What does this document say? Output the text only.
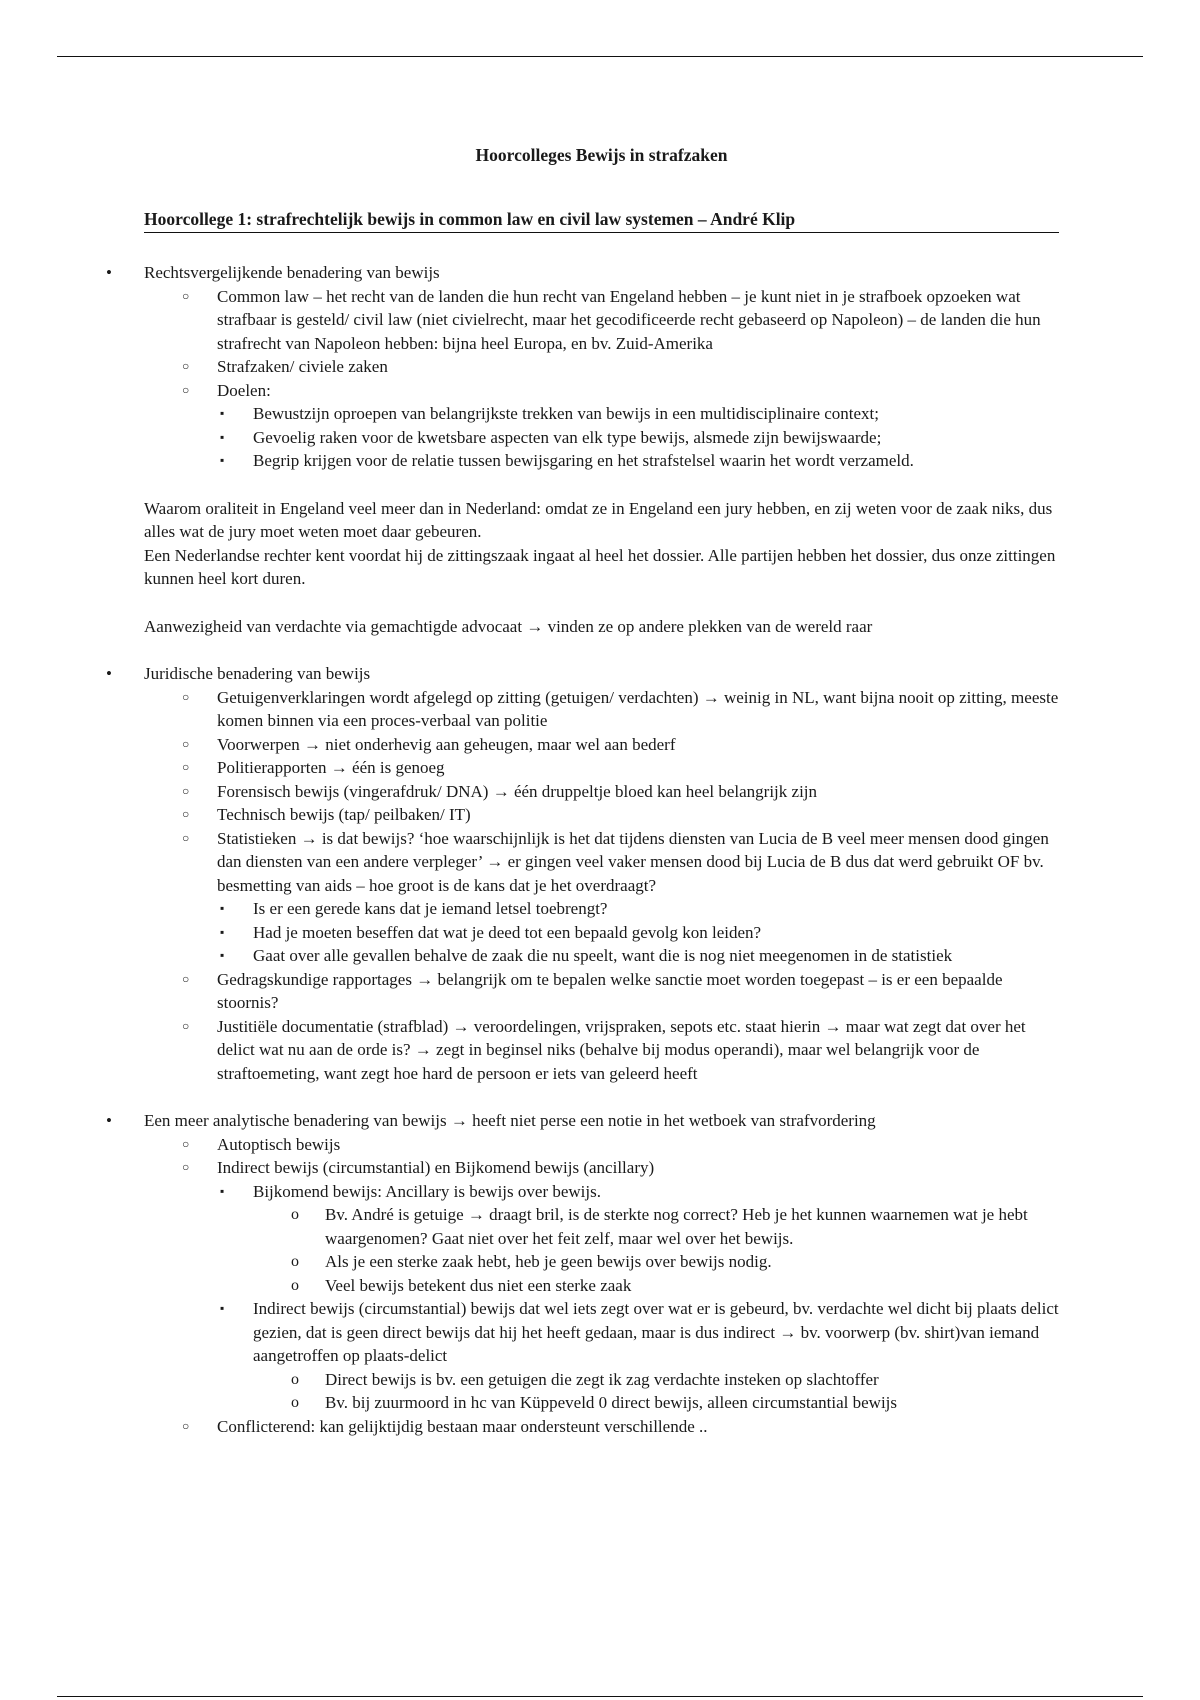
Hoorcolleges Bewijs in strafzaken

Hoorcollege 1: strafrechtelijk bewijs in common law en civil law systemen – André Klip

• Rechtsvergelijkende benadering van bewijs
○ Common law – het recht van de landen die hun recht van Engeland hebben – je kunt niet in je strafboek opzoeken wat strafbaar is gesteld/ civil law (niet civielrecht, maar het gecodificeerde recht gebaseerd op Napoleon) – de landen die hun strafrecht van Napoleon hebben: bijna heel Europa, en bv. Zuid-Amerika
○ Strafzaken/ civiele zaken
○ Doelen:
▪ Bewustzijn oproepen van belangrijkste trekken van bewijs in een multidisciplinaire context;
▪ Gevoelig raken voor de kwetsbare aspecten van elk type bewijs, alsmede zijn bewijswaarde;
▪ Begrip krijgen voor de relatie tussen bewijsgaring en het strafstelsel waarin het wordt verzameld.

Waarom oraliteit in Engeland veel meer dan in Nederland: omdat ze in Engeland een jury hebben, en zij weten voor de zaak niks, dus alles wat de jury moet weten moet daar gebeuren.

Een Nederlandse rechter kent voordat hij de zittingszaak ingaat al heel het dossier. Alle partijen hebben het dossier, dus onze zittingen kunnen heel kort duren.

Aanwezigheid van verdachte via gemachtigde advocaat → vinden ze op andere plekken van de wereld raar

• Juridische benadering van bewijs
○ Getuigenverklaringen wordt afgelegd op zitting (getuigen/ verdachten) → weinig in NL, want bijna nooit op zitting, meeste komen binnen via een proces-verbaal van politie
○ Voorwerpen → niet onderhevig aan geheugen, maar wel aan bederf
○ Politierapporten → één is genoeg
○ Forensisch bewijs (vingerafdruk/ DNA) → één druppeltje bloed kan heel belangrijk zijn
○ Technisch bewijs (tap/ peilbaken/ IT)
○ Statistieken → is dat bewijs? ‘hoe waarschijnlijk is het dat tijdens diensten van Lucia de B veel meer mensen dood gingen dan diensten van een andere verpleger’ → er gingen veel vaker mensen dood bij Lucia de B dus dat werd gebruikt OF bv. besmetting van aids – hoe groot is de kans dat je het overdraagt?
▪ Is er een gerede kans dat je iemand letsel toebrengt?
▪ Had je moeten beseffen dat wat je deed tot een bepaald gevolg kon leiden?
▪ Gaat over alle gevallen behalve de zaak die nu speelt, want die is nog niet meegenomen in de statistiek
○ Gedragskundige rapportages → belangrijk om te bepalen welke sanctie moet worden toegepast – is er een bepaalde stoornis?
○ Justitiële documentatie (strafblad) → veroordelingen, vrijspraken, sepots etc. staat hierin → maar wat zegt dat over het delict wat nu aan de orde is? → zegt in beginsel niks (behalve bij modus operandi), maar wel belangrijk voor de straftoemeting, want zegt hoe hard de persoon er iets van geleerd heeft
• Een meer analytische benadering van bewijs → heeft niet perse een notie in het wetboek van strafvordering
○ Autoptisch bewijs
○ Indirect bewijs (circumstantial) en Bijkomend bewijs (ancillary)
▪ Bijkomend bewijs: Ancillary is bewijs over bewijs.
o Bv. André is getuige → draagt bril, is de sterkte nog correct? Heb je het kunnen waarnemen wat je hebt waargenomen? Gaat niet over het feit zelf, maar wel over het bewijs.
o Als je een sterke zaak hebt, heb je geen bewijs over bewijs nodig.
o Veel bewijs betekent dus niet een sterke zaak
▪ Indirect bewijs (circumstantial) bewijs dat wel iets zegt over wat er is gebeurd, bv. verdachte wel dicht bij plaats delict gezien, dat is geen direct bewijs dat hij het heeft gedaan, maar is dus indirect → bv. voorwerp (bv. shirt)van iemand aangetroffen op plaats-delict
o Direct bewijs is bv. een getuigen die zegt ik zag verdachte insteken op slachtoffer
o Bv. bij zuurmoord in hc van Küppeveld 0 direct bewijs, alleen circumstantial bewijs
○ Conflicterend: kan gelijktijdig bestaan maar ondersteunt verschillende ..
